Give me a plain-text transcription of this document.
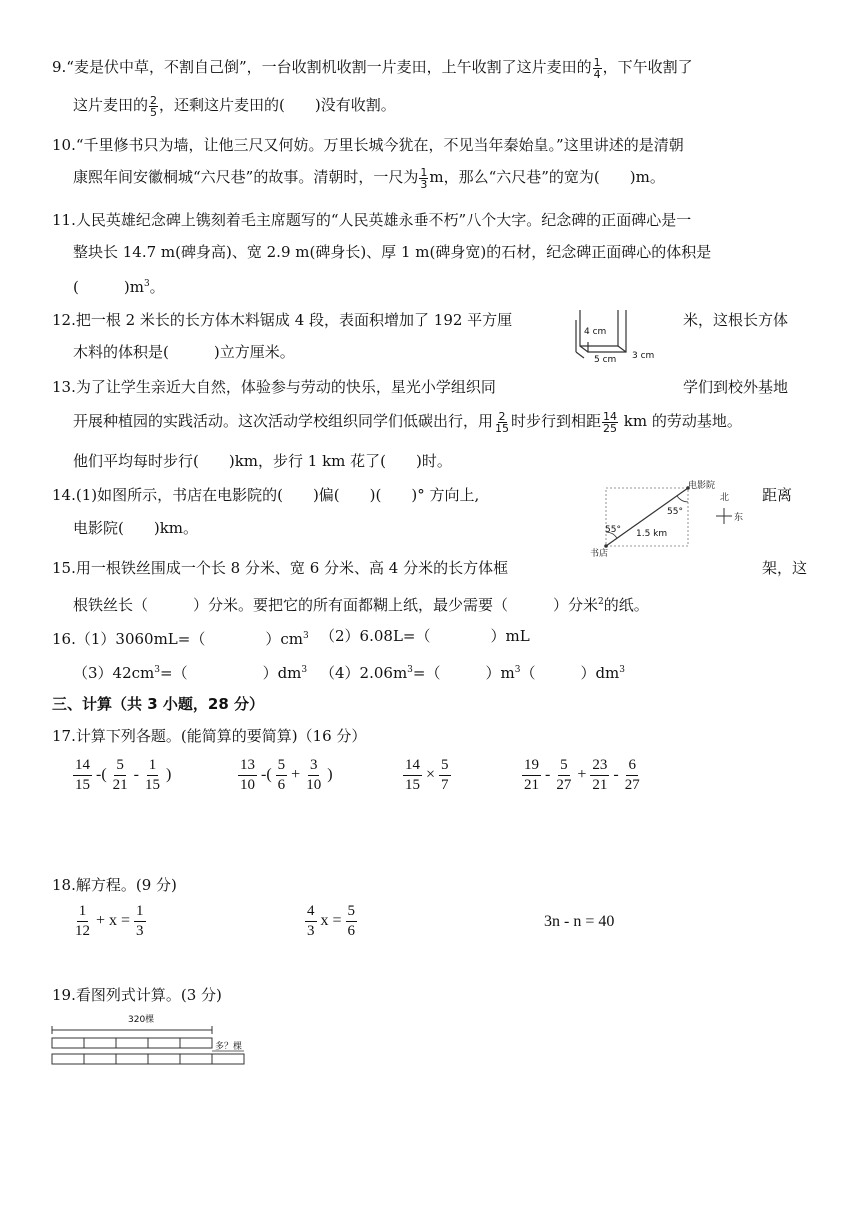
9.“麦是伏中草，不割自己倒”，一台收割机收割一片麦田，上午收割了这片麦田的 $\frac{1}{4}$ ，下午收割了
这片麦田的 $\frac{2}{5}$ ，还剩这片麦田的(　　)没有收割。
10.“千里修书只为墙，让他三尺又何妨。万里长城今犹在，不见当年秦始皇。”这里讲述的是清朝
康熙年间安徽桐城“六尺巷”的故事。清朝时，一尺为 $\frac{1}{3}$ m，那么“六尺巷”的宽为(　　)m。
11.人民英雄纪念碑上镌刻着毛主席题写的“人民英雄永垂不朽”八个大字。纪念碑的正面碑心是一
整块长 14.7 m(碑身高)、宽 2.9 m(碑身长)、厚 1 m(碑身宽)的石材，纪念碑正面碑心的体积是
(　　　)$m^3$。
12.把一根 2 米长的长方体木料锯成 4 段，表面积增加了 192 平方厘	米，这根长方体
木料的体积是(　　　)立方厘米。
4 cm
3 cm
5 cm
13.为了让学生亲近大自然，体验参与劳动的快乐，星光小学组织同	学们到校外基地
开展种植园的实践活动。这次活动学校组织同学们低碳出行，用 $\frac{2}{15}$ 时步行到相距 $\frac{14}{25}$ km 的劳动基地。
他们平均每时步行(　　)km，步行 1 km 花了(　　)时。
14.(1)如图所示，书店在电影院的(　　)偏(　　)(　　)° 方向上,	距离
电影院(　　)km。
电影院
书店
55°
55°
1.5 km
北
东
15.用一根铁丝围成一个长 8 分米、宽 6 分米、高 4 分米的长方体框	架，这
根铁丝长（　　　）分米。要把它的所有面都糊上纸，最少需要（　　　）分米$^2$的纸。
16.（1）3060mL=（　　　　）$cm^3$ （2）6.08L=（　　　　）mL
$(3)42cm^3=$（　　　　　）$dm^3$ $(4)2.06m^3=$（　　　）$m^3$（　　　）$dm^3$
三、计算（共 3 小题，28 分）
17.计算下列各题。(能简算的要简算)（16 分）
$\frac{14}{15}$ -( $\frac{5}{21} - \frac{1}{15}$ )	$\frac{13}{10}$ -( $\frac{5}{6} + \frac{3}{10}$ )	$\frac{14}{15} \times \frac{5}{7}$	$\frac{19}{21} - \frac{5}{27} + \frac{23}{21} - \frac{6}{27}$
18.解方程。(9 分)
$\frac{1}{12} + x = \frac{1}{3}$	$\frac{4}{3}$ $x = \frac{5}{6}$	3n - n = 40
19.看图列式计算。(3 分)
320棵
多？棵
